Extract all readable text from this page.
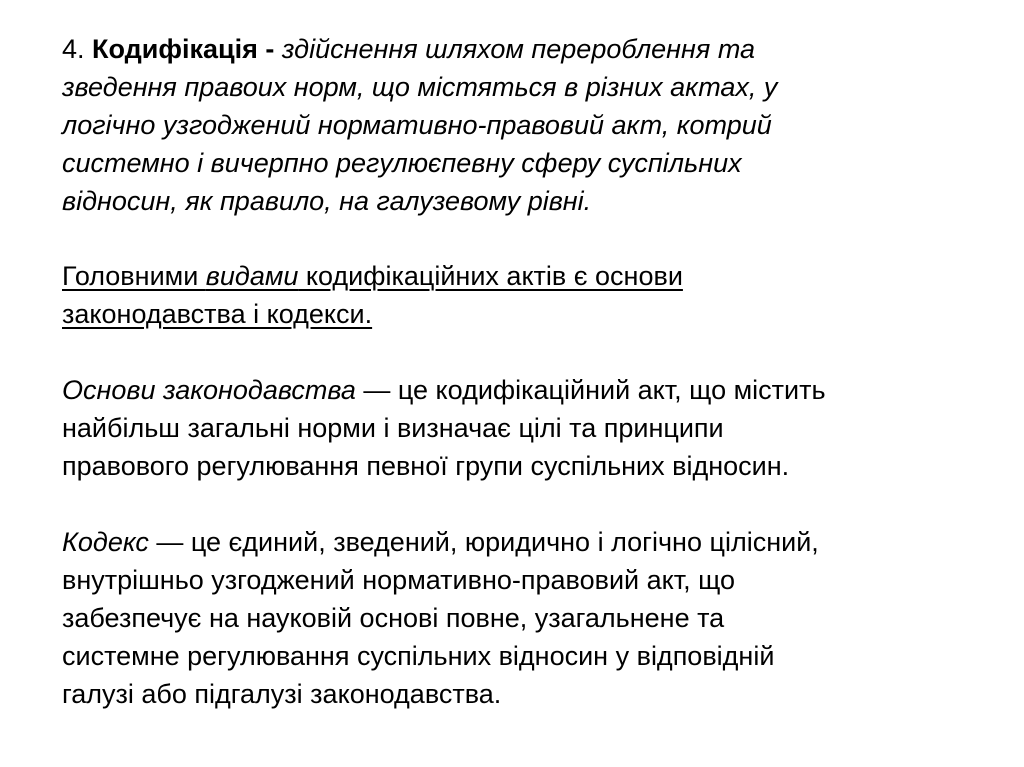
4. Кодифікація - здійснення шляхом перероблення та
зведення правоих норм, що містяться в різних актах, у
логічно узгоджений нормативно-правовий акт, котрий
системно і вичерпно регулюєпевну сферу суспільних
відносин, як правило, на галузевому рівні.

Головними видами кодифікаційних актів є основи
законодавства і кодекси.

Основи законодавства — це кодифікаційний акт, що містить
найбільш загальні норми і визначає цілі та принципи
правового регулювання певної групи суспільних відносин.

Кодекс — це єдиний, зведений, юридично і логічно цілісний,
внутрішньо узгоджений нормативно-правовий акт, що
забезпечує на науковій основі повне, узагальнене та
системне регулювання суспільних відносин у відповідній
галузі або підгалузі законодавства.
